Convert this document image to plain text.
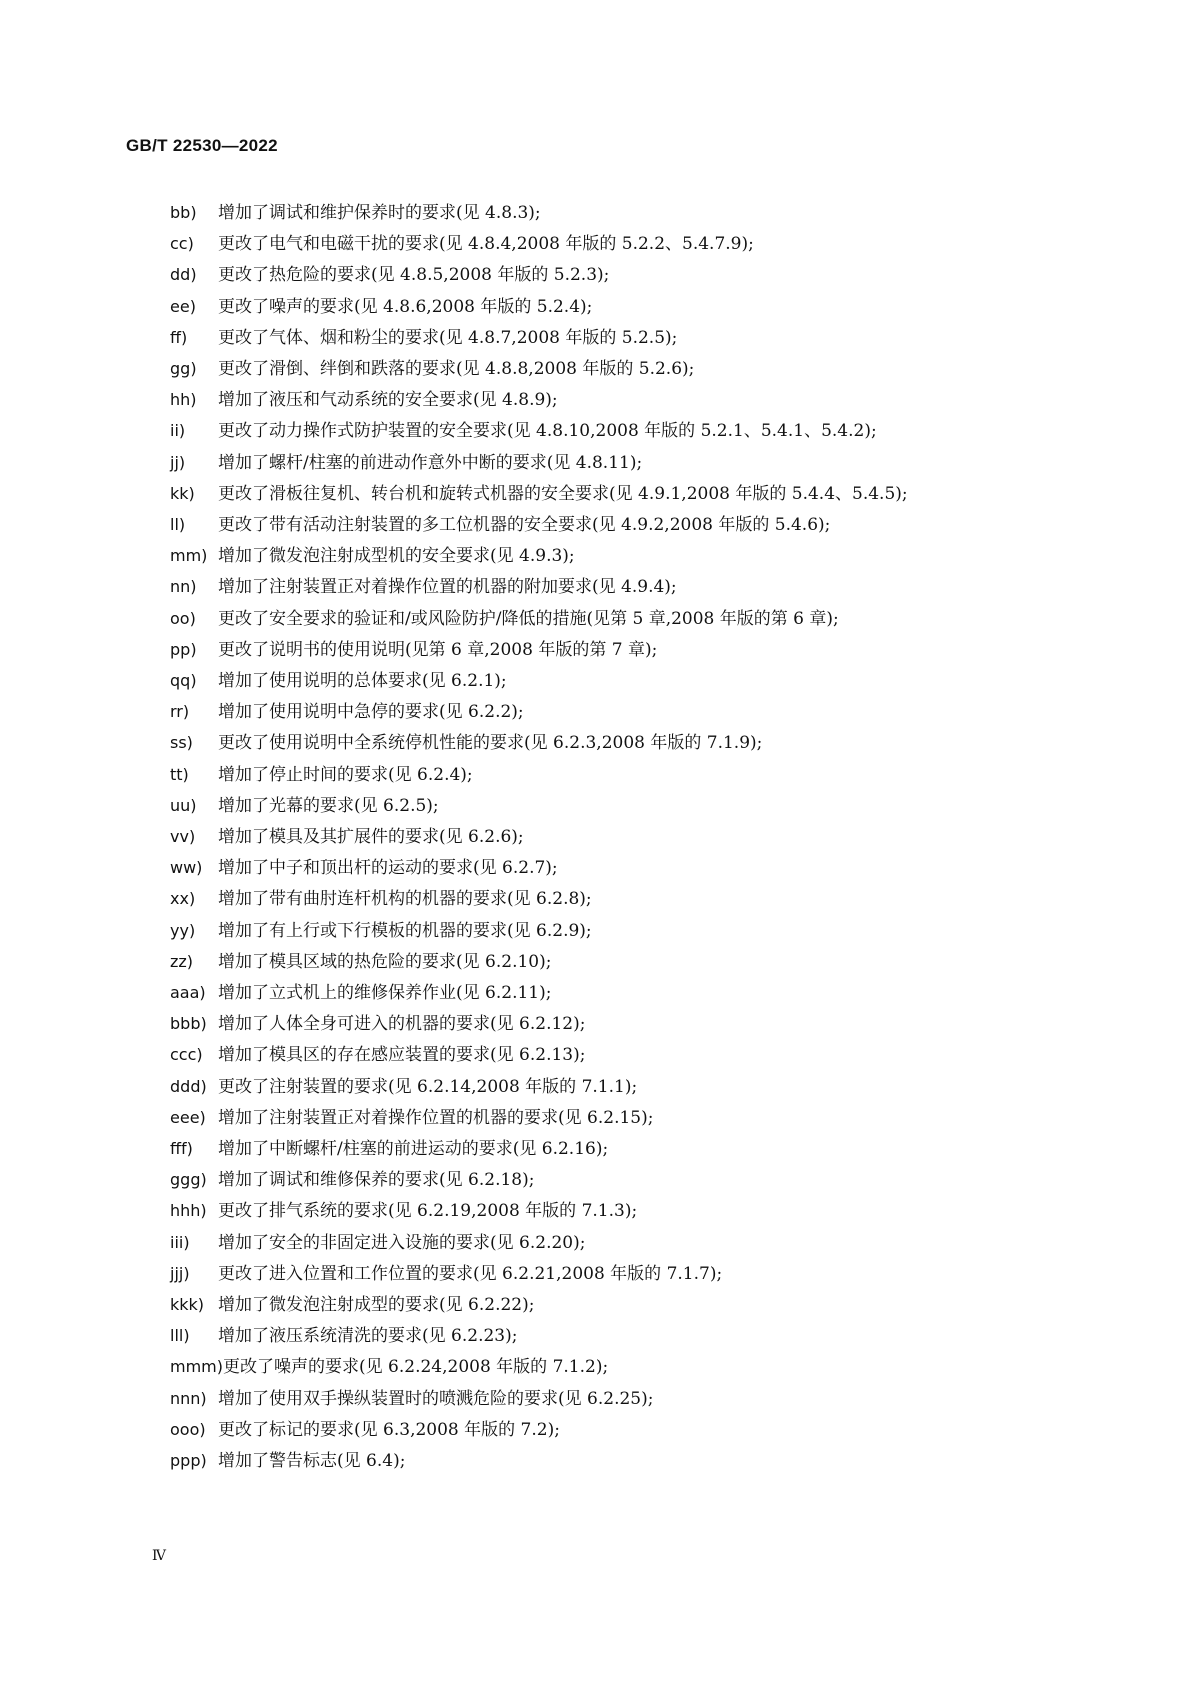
GB/T 22530—2022
bb) 增加了调试和维护保养时的要求(见 4.8.3);
cc) 更改了电气和电磁干扰的要求(见 4.8.4,2008 年版的 5.2.2、5.4.7.9);
dd) 更改了热危险的要求(见 4.8.5,2008 年版的 5.2.3);
ee) 更改了噪声的要求(见 4.8.6,2008 年版的 5.2.4);
ff) 更改了气体、烟和粉尘的要求(见 4.8.7,2008 年版的 5.2.5);
gg) 更改了滑倒、绊倒和跌落的要求(见 4.8.8,2008 年版的 5.2.6);
hh) 增加了液压和气动系统的安全要求(见 4.8.9);
ii) 更改了动力操作式防护装置的安全要求(见 4.8.10,2008 年版的 5.2.1、5.4.1、5.4.2);
jj) 增加了螺杆/柱塞的前进动作意外中断的要求(见 4.8.11);
kk) 更改了滑板往复机、转台机和旋转式机器的安全要求(见 4.9.1,2008 年版的 5.4.4、5.4.5);
ll) 更改了带有活动注射装置的多工位机器的安全要求(见 4.9.2,2008 年版的 5.4.6);
mm) 增加了微发泡注射成型机的安全要求(见 4.9.3);
nn) 增加了注射装置正对着操作位置的机器的附加要求(见 4.9.4);
oo) 更改了安全要求的验证和/或风险防护/降低的措施(见第 5 章,2008 年版的第 6 章);
pp) 更改了说明书的使用说明(见第 6 章,2008 年版的第 7 章);
qq) 增加了使用说明的总体要求(见 6.2.1);
rr) 增加了使用说明中急停的要求(见 6.2.2);
ss) 更改了使用说明中全系统停机性能的要求(见 6.2.3,2008 年版的 7.1.9);
tt) 增加了停止时间的要求(见 6.2.4);
uu) 增加了光幕的要求(见 6.2.5);
vv) 增加了模具及其扩展件的要求(见 6.2.6);
ww) 增加了中子和顶出杆的运动的要求(见 6.2.7);
xx) 增加了带有曲肘连杆机构的机器的要求(见 6.2.8);
yy) 增加了有上行或下行模板的机器的要求(见 6.2.9);
zz) 增加了模具区域的热危险的要求(见 6.2.10);
aaa) 增加了立式机上的维修保养作业(见 6.2.11);
bbb) 增加了人体全身可进入的机器的要求(见 6.2.12);
ccc) 增加了模具区的存在感应装置的要求(见 6.2.13);
ddd) 更改了注射装置的要求(见 6.2.14,2008 年版的 7.1.1);
eee) 增加了注射装置正对着操作位置的机器的要求(见 6.2.15);
fff) 增加了中断螺杆/柱塞的前进运动的要求(见 6.2.16);
ggg) 增加了调试和维修保养的要求(见 6.2.18);
hhh) 更改了排气系统的要求(见 6.2.19,2008 年版的 7.1.3);
iii) 增加了安全的非固定进入设施的要求(见 6.2.20);
jjj) 更改了进入位置和工作位置的要求(见 6.2.21,2008 年版的 7.1.7);
kkk) 增加了微发泡注射成型的要求(见 6.2.22);
lll) 增加了液压系统清洗的要求(见 6.2.23);
mmm)更改了噪声的要求(见 6.2.24,2008 年版的 7.1.2);
nnn) 增加了使用双手操纵装置时的喷溅危险的要求(见 6.2.25);
ooo) 更改了标记的要求(见 6.3,2008 年版的 7.2);
ppp) 增加了警告标志(见 6.4);
Ⅳ
